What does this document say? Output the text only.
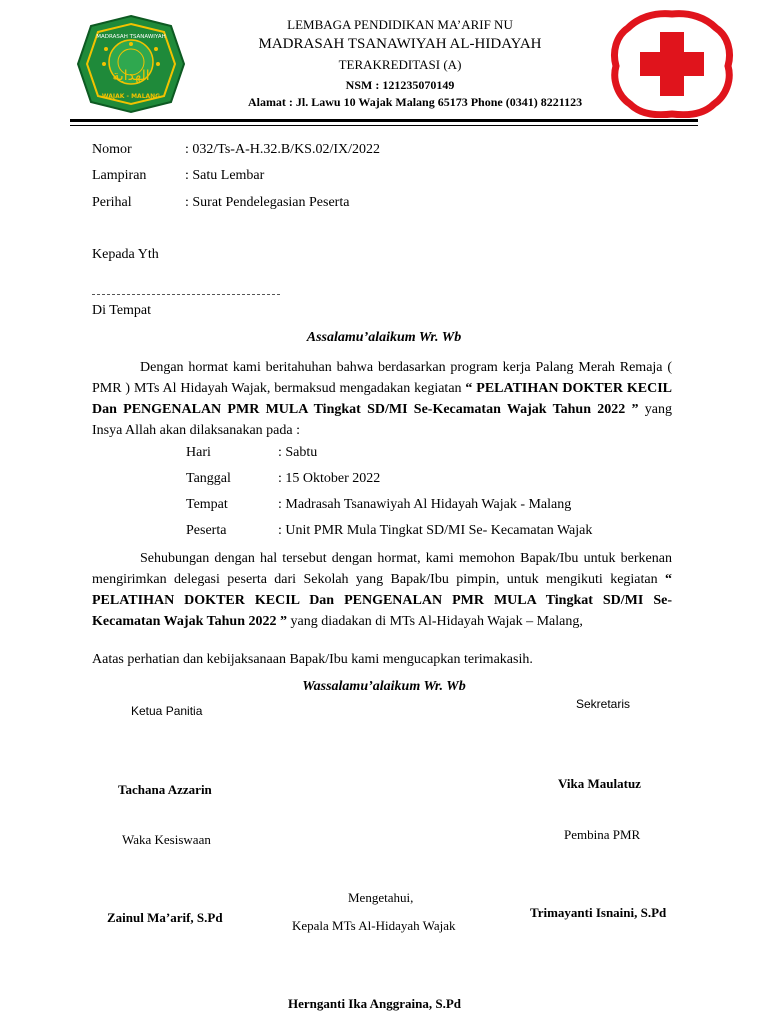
الهداية
MADRASAH TSANAWIYAH
WAJAK - MALANG
LEMBAGA PENDIDIKAN MA’ARIF NU
MADRASAH TSANAWIYAH AL-HIDAYAH
TERAKREDITASI (A)
NSM : 121235070149
Alamat : Jl. Lawu 10 Wajak Malang 65173 Phone (0341) 8221123
Nomor	: 032/Ts-A-H.32.B/KS.02/IX/2022
Lampiran	: Satu Lembar
Perihal	: Surat Pendelegasian Peserta
Kepada Yth
Di Tempat
Assalamu’alaikum Wr. Wb
Dengan hormat kami beritahuhan bahwa berdasarkan program kerja Palang Merah Remaja ( PMR ) MTs Al Hidayah Wajak, bermaksud mengadakan kegiatan “ PELATIHAN DOKTER KECIL Dan PENGENALAN PMR MULA Tingkat SD/MI Se-Kecamatan Wajak Tahun 2022 ” yang Insya Allah akan dilaksanakan pada :
Hari	: Sabtu
Tanggal	: 15 Oktober 2022
Tempat	: Madrasah Tsanawiyah Al Hidayah Wajak - Malang
Peserta	: Unit PMR Mula Tingkat SD/MI Se- Kecamatan Wajak
Sehubungan dengan hal tersebut dengan hormat, kami memohon Bapak/Ibu untuk berkenan mengirimkan delegasi peserta dari Sekolah yang Bapak/Ibu pimpin, untuk mengikuti kegiatan “ PELATIHAN DOKTER KECIL Dan PENGENALAN PMR MULA Tingkat SD/MI Se-Kecamatan Wajak Tahun 2022 ” yang diadakan di MTs Al-Hidayah Wajak – Malang,
Aatas perhatian dan kebijaksanaan Bapak/Ibu kami mengucapkan terimakasih.
Wassalamu’alaikum Wr. Wb
Ketua Panitia
Tachana Azzarin
Sekretaris
Vika Maulatuz
Waka Kesiswaan
Zainul Ma’arif, S.Pd
Pembina PMR
Trimayanti Isnaini, S.Pd
Mengetahui,
Kepala MTs Al-Hidayah Wajak
Hernganti Ika Anggraina, S.Pd
